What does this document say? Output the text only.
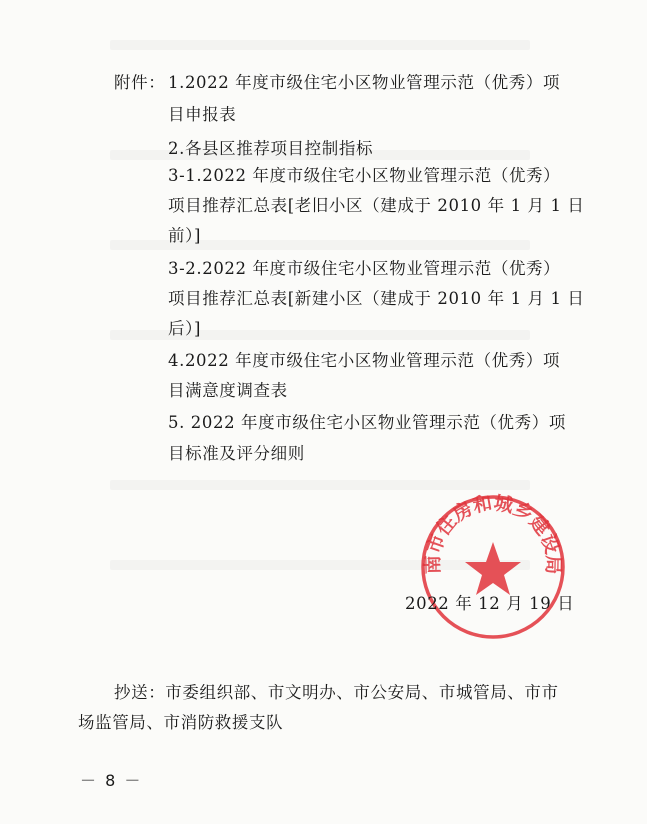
附件： 1.2022 年度市级住宅小区物业管理示范（优秀）项
目申报表
2.各县区推荐项目控制指标
3-1.2022 年度市级住宅小区物业管理示范（优秀）
项目推荐汇总表[老旧小区（建成于 2010 年 1 月 1 日
前）]
3-2.2022 年度市级住宅小区物业管理示范（优秀）
项目推荐汇总表[新建小区（建成于 2010 年 1 月 1 日
后）]
4.2022 年度市级住宅小区物业管理示范（优秀）项
目满意度调查表
5. 2022 年度市级住宅小区物业管理示范（优秀）项
目标准及评分细则
南市住房和城乡建设局
2022 年 12 月 19 日
抄送：市委组织部、市文明办、市公安局、市城管局、市市
场监管局、市消防救援支队
－ 8 －
